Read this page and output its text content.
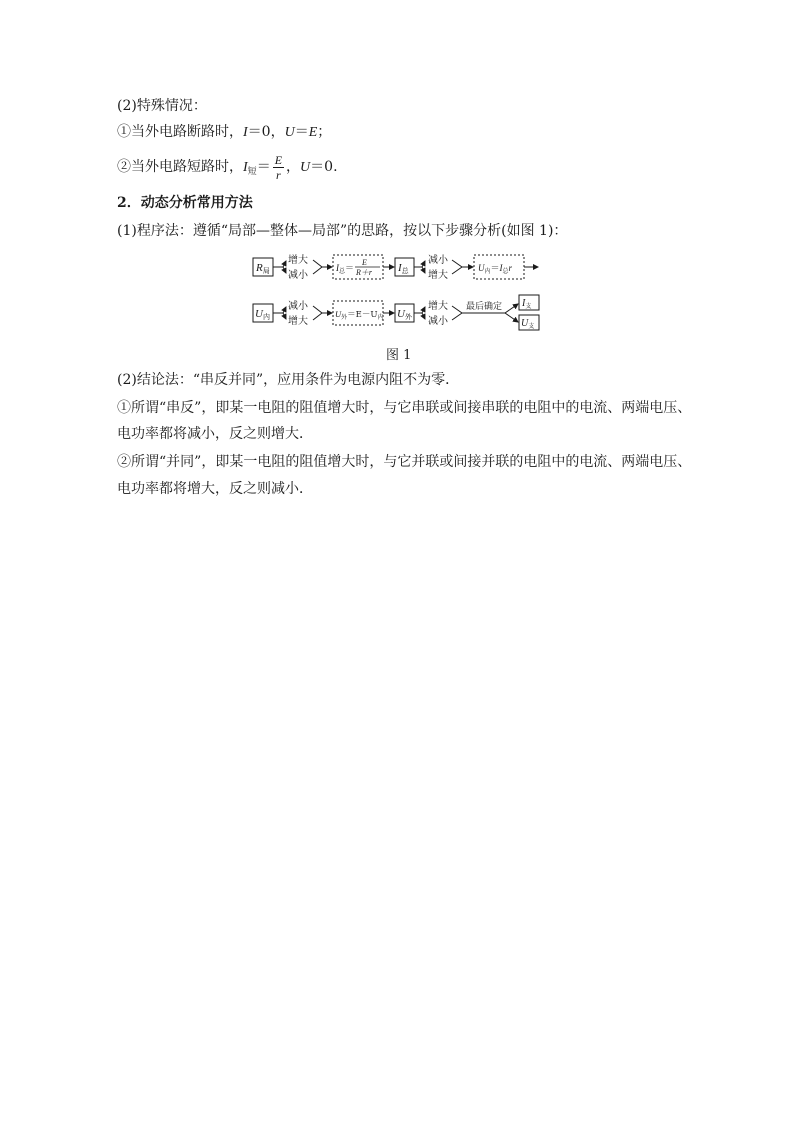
(2)特殊情况：
①当外电路断路时，I＝0，U＝E；
②当外电路短路时，$I_短= \frac{E}{r}$ ，U＝0.
2．动态分析常用方法
(1)程序法：遵循“局部—整体—局部”的思路，按以下步骤分析(如图 1)：
R局
增大
减小
$I_总=$
E
R＋r I总
减小
增大
$U_内=I_总r$
U内
减小
增大
$U_外=E-U_内$ U外
增大
减小
最后确定 $I_支$
$U_支$
图 1
(2)结论法：“串反并同”，应用条件为电源内阻不为零．
①所谓“串反”，即某一电阻的阻值增大时，与它串联或间接串联的电阻中的电流、两端电压、
电功率都将减小，反之则增大．
②所谓“并同”，即某一电阻的阻值增大时，与它并联或间接并联的电阻中的电流、两端电压、
电功率都将增大，反之则减小．
